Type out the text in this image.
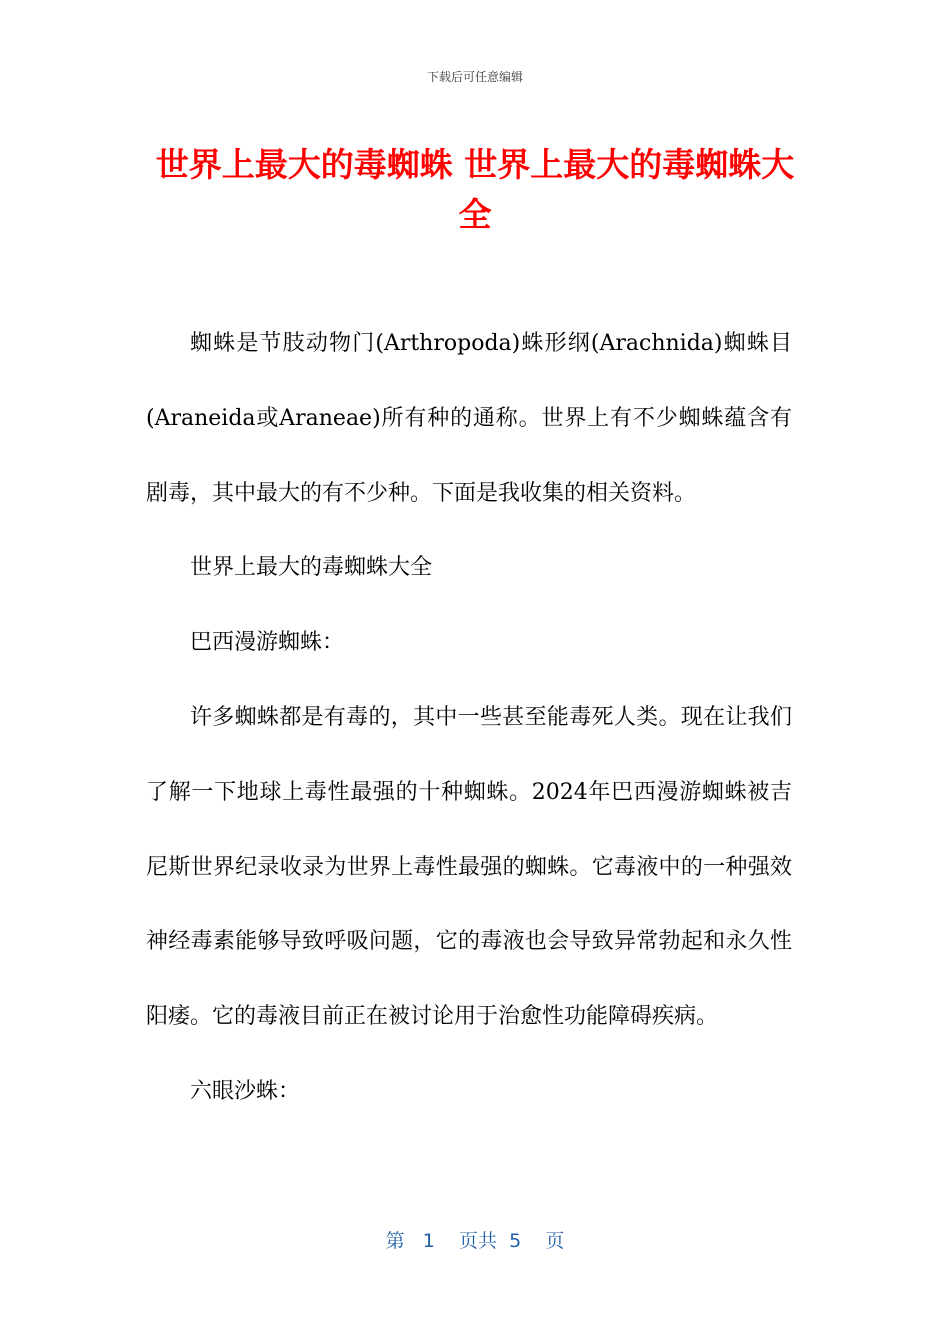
下载后可任意编辑
世界上最大的毒蜘蛛 世界上最大的毒蜘蛛大全

蜘蛛是节肢动物门(Arthropoda)蛛形纲(Arachnida)蜘蛛目(Araneida或Araneae)所有种的通称。世界上有不少蜘蛛蕴含有剧毒，其中最大的有不少种。下面是我收集的相关资料。

世界上最大的毒蜘蛛大全

巴西漫游蜘蛛：

许多蜘蛛都是有毒的，其中一些甚至能毒死人类。现在让我们了解一下地球上毒性最强的十种蜘蛛。2024年巴西漫游蜘蛛被吉尼斯世界纪录收录为世界上毒性最强的蜘蛛。它毒液中的一种强效神经毒素能够导致呼吸问题，它的毒液也会导致异常勃起和永久性阳痿。它的毒液目前正在被讨论用于治愈性功能障碍疾病。

六眼沙蛛：

第 1 页共 5 页
